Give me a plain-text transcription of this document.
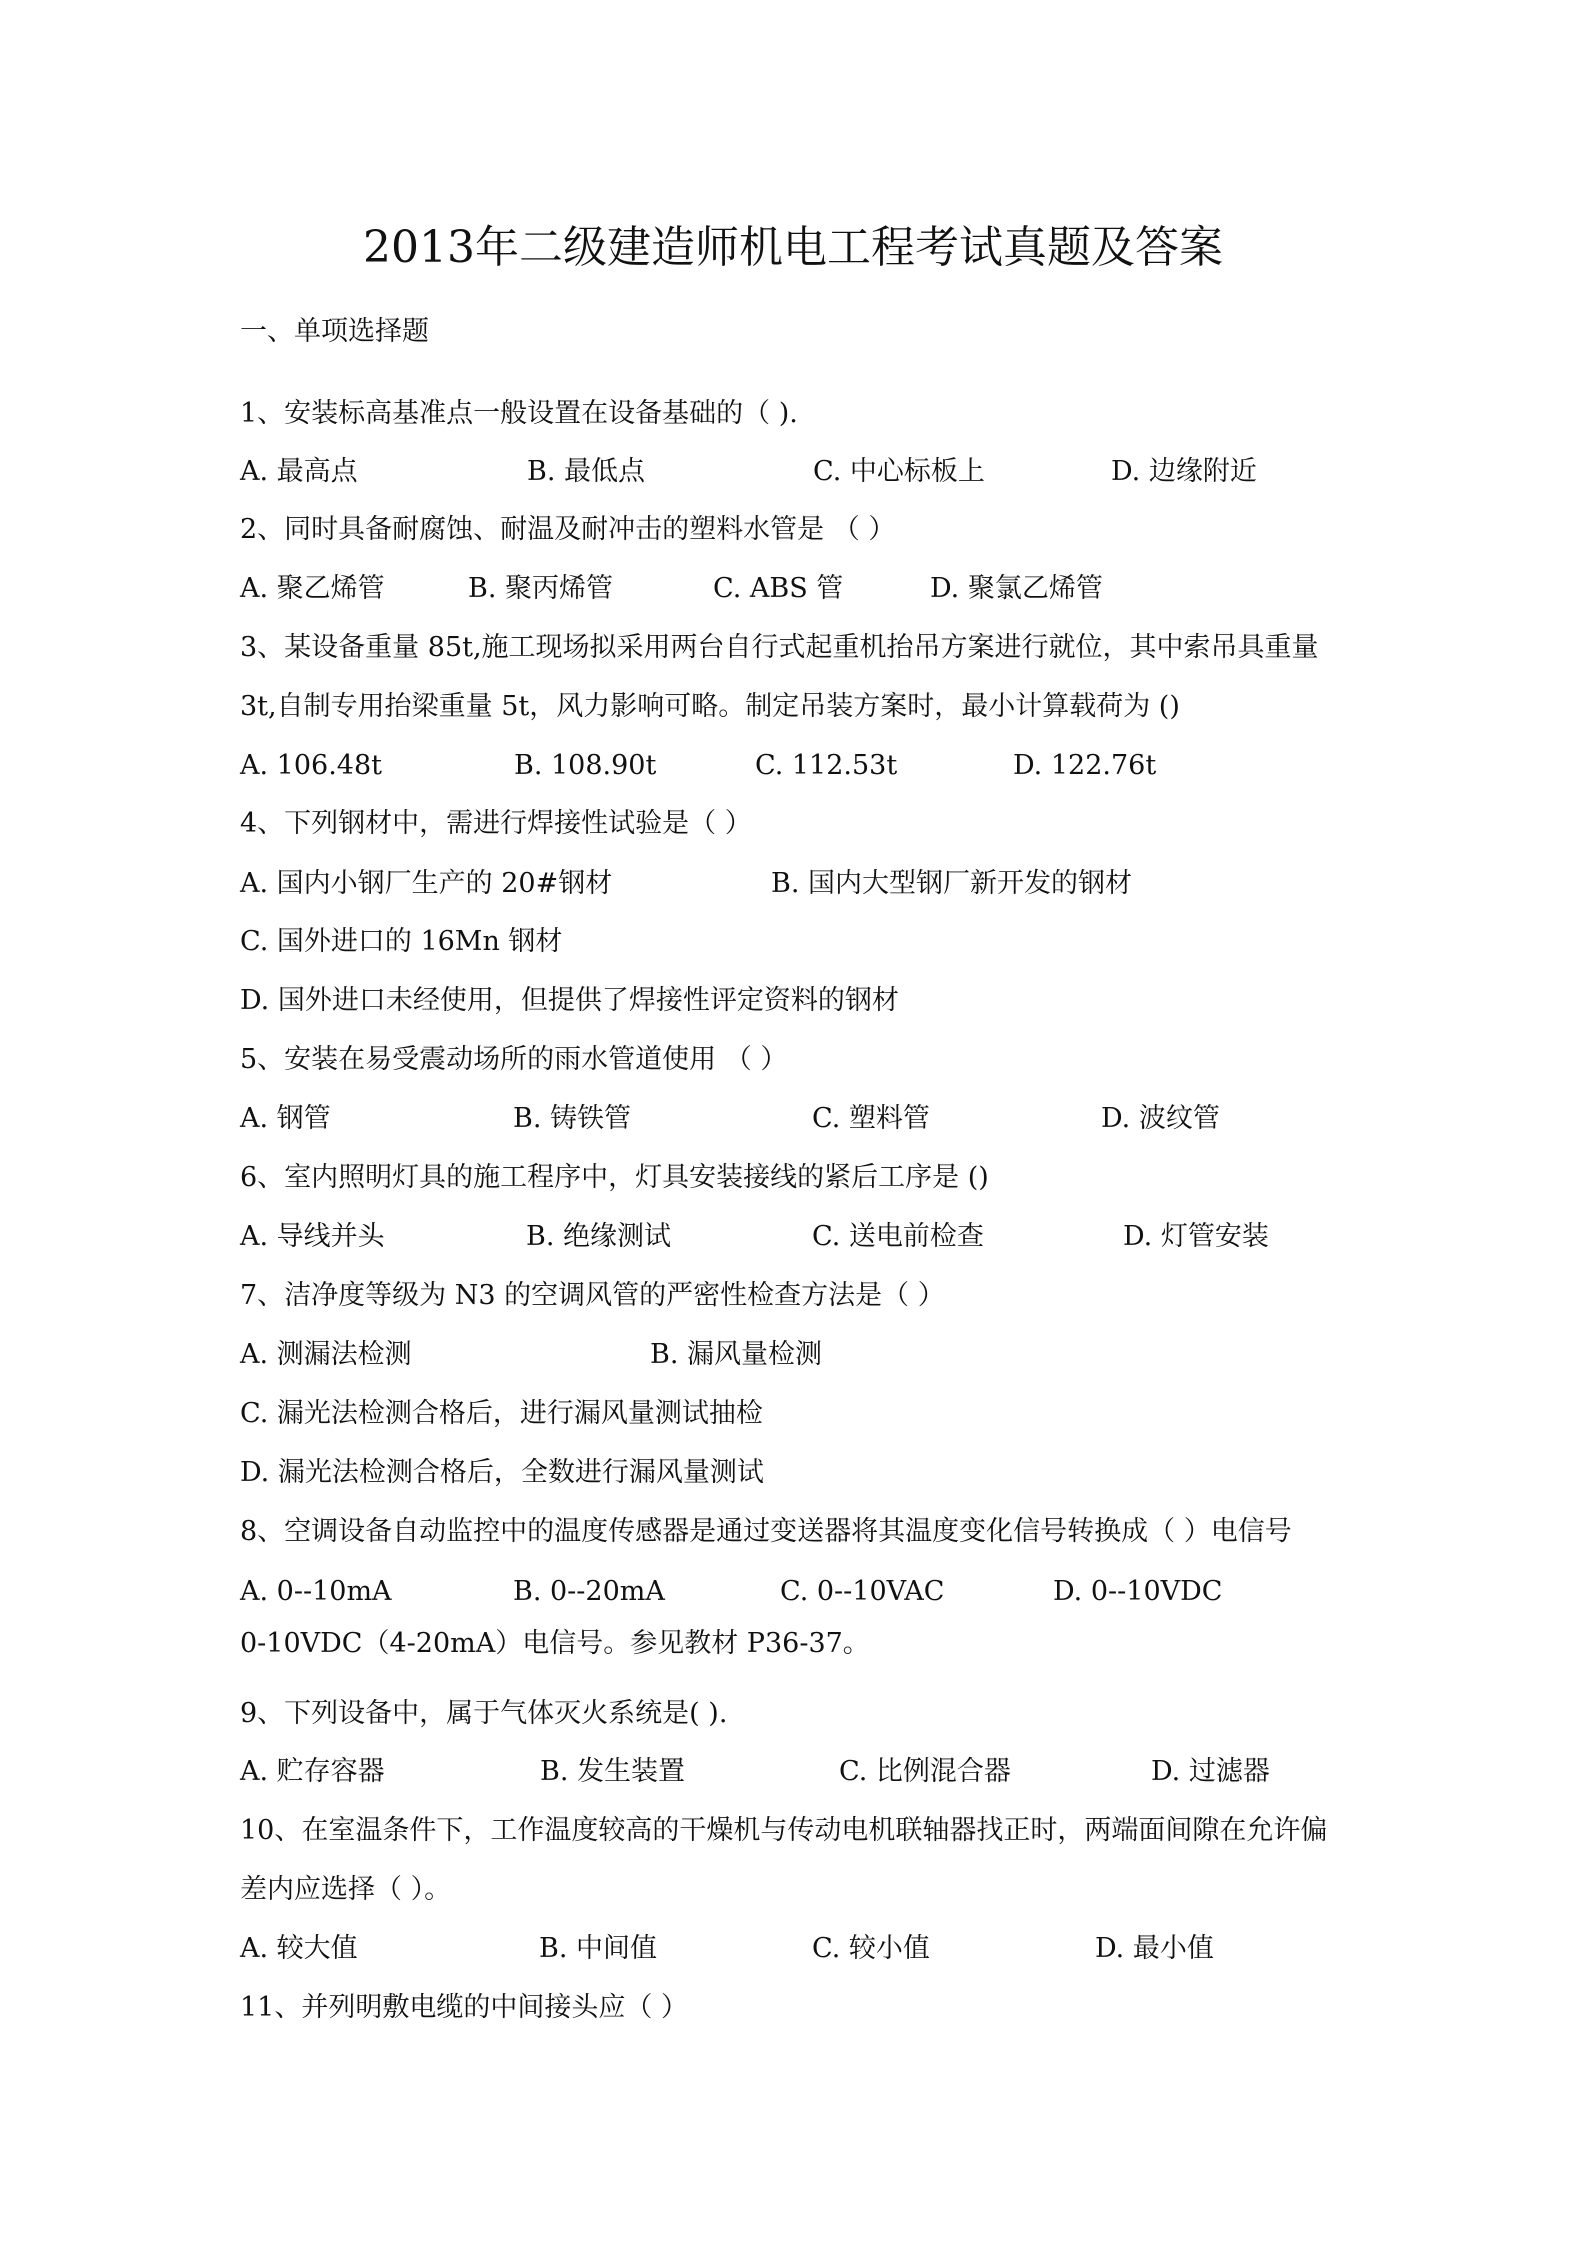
2013年二级建造师机电工程考试真题及答案
一、单项选择题
1、安装标高基准点一般设置在设备基础的（ ).
A. 最高点	B. 最低点	C. 中心标板上	D. 边缘附近
2、同时具备耐腐蚀、耐温及耐冲击的塑料水管是 （ ）
A. 聚乙烯管	B. 聚丙烯管	C. ABS 管	D. 聚氯乙烯管
3、某设备重量 85t,施工现场拟采用两台自行式起重机抬吊方案进行就位，其中索吊具重量
3t,自制专用抬梁重量 5t，风力影响可略。制定吊装方案时，最小计算载荷为 ()
A. 106.48t	B. 108.90t	C. 112.53t	D. 122.76t
4、下列钢材中，需进行焊接性试验是（ ）
A. 国内小钢厂生产的 20#钢材	B. 国内大型钢厂新开发的钢材
C. 国外进口的 16Mn 钢材
D. 国外进口未经使用，但提供了焊接性评定资料的钢材
5、安装在易受震动场所的雨水管道使用 （ ）
A. 钢管	B. 铸铁管	C. 塑料管	D. 波纹管
6、室内照明灯具的施工程序中，灯具安装接线的紧后工序是 ()
A. 导线并头	B. 绝缘测试	C. 送电前检查	D. 灯管安装
7、洁净度等级为 N3 的空调风管的严密性检查方法是（ ）
A. 测漏法检测	B. 漏风量检测
C. 漏光法检测合格后，进行漏风量测试抽检
D. 漏光法检测合格后，全数进行漏风量测试
8、空调设备自动监控中的温度传感器是通过变送器将其温度变化信号转换成（ ）电信号
A. 0--10mA	B. 0--20mA	C. 0--10VAC	D. 0--10VDC
0-10VDC（4-20mA）电信号。参见教材 P36-37。
9、下列设备中，属于气体灭火系统是( ).
A. 贮存容器	B. 发生装置	C. 比例混合器	D. 过滤器
10、在室温条件下，工作温度较高的干燥机与传动电机联轴器找正时，两端面间隙在允许偏
差内应选择（ ）。
A. 较大值	B. 中间值	C. 较小值	D. 最小值
11、并列明敷电缆的中间接头应（ ）
